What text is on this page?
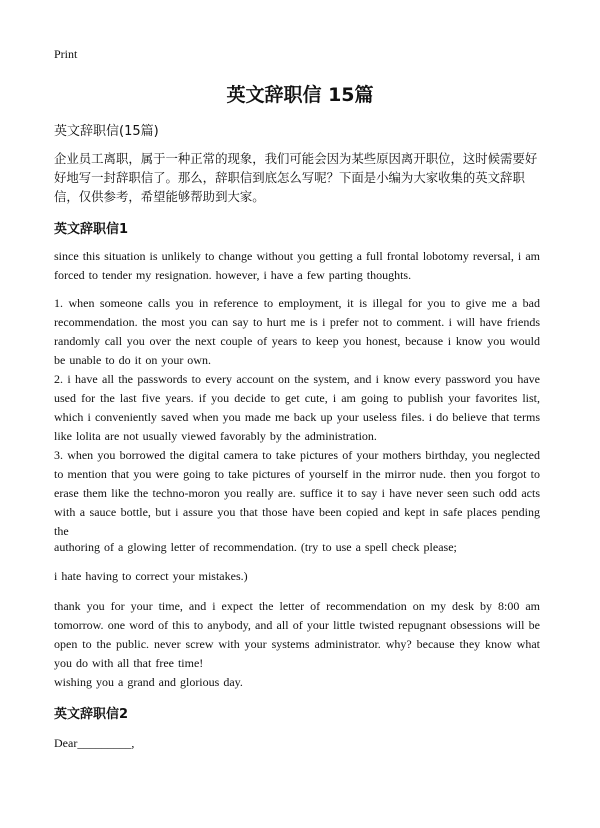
Print
英文辞职信 15篇
英文辞职信(15篇)
企业员工离职，属于一种正常的现象，我们可能会因为某些原因离开职位，这时候需要好好地写一封辞职信了。那么，辞职信到底怎么写呢？下面是小编为大家收集的英文辞职信，仅供参考，希望能够帮助到大家。
英文辞职信1

since this situation is unlikely to change without you getting a full frontal lobotomy reversal, i am forced to tender my resignation. however, i have a few parting thoughts.

1. when someone calls you in reference to employment, it is illegal for you to give me a bad recommendation. the most you can say to hurt me is i prefer not to comment. i will have friends randomly call you over the next couple of years to keep you honest, because i know you would be unable to do it on your own.

2. i have all the passwords to every account on the system, and i know every password you have used for the last five years. if you decide to get cute, i am going to publish your favorites list, which i conveniently saved when you made me back up your useless files. i do believe that terms like lolita are not usually viewed favorably by the administration.

3. when you borrowed the digital camera to take pictures of your mothers birthday, you neglected to mention that you were going to take pictures of yourself in the mirror nude. then you forgot to erase them like the techno-moron you really are. suffice it to say i have never seen such odd acts with a sauce bottle, but i assure you that those have been copied and kept in safe places pending the

authoring of a glowing letter of recommendation. (try to use a spell check please;

i hate having to correct your mistakes.)

thank you for your time, and i expect the letter of recommendation on my desk by 8:00 am tomorrow. one word of this to anybody, and all of your little twisted repugnant obsessions will be open to the public. never screw with your systems administrator. why? because they know what you do with all that free time!

wishing you a grand and glorious day.

英文辞职信2

Dear_________,
